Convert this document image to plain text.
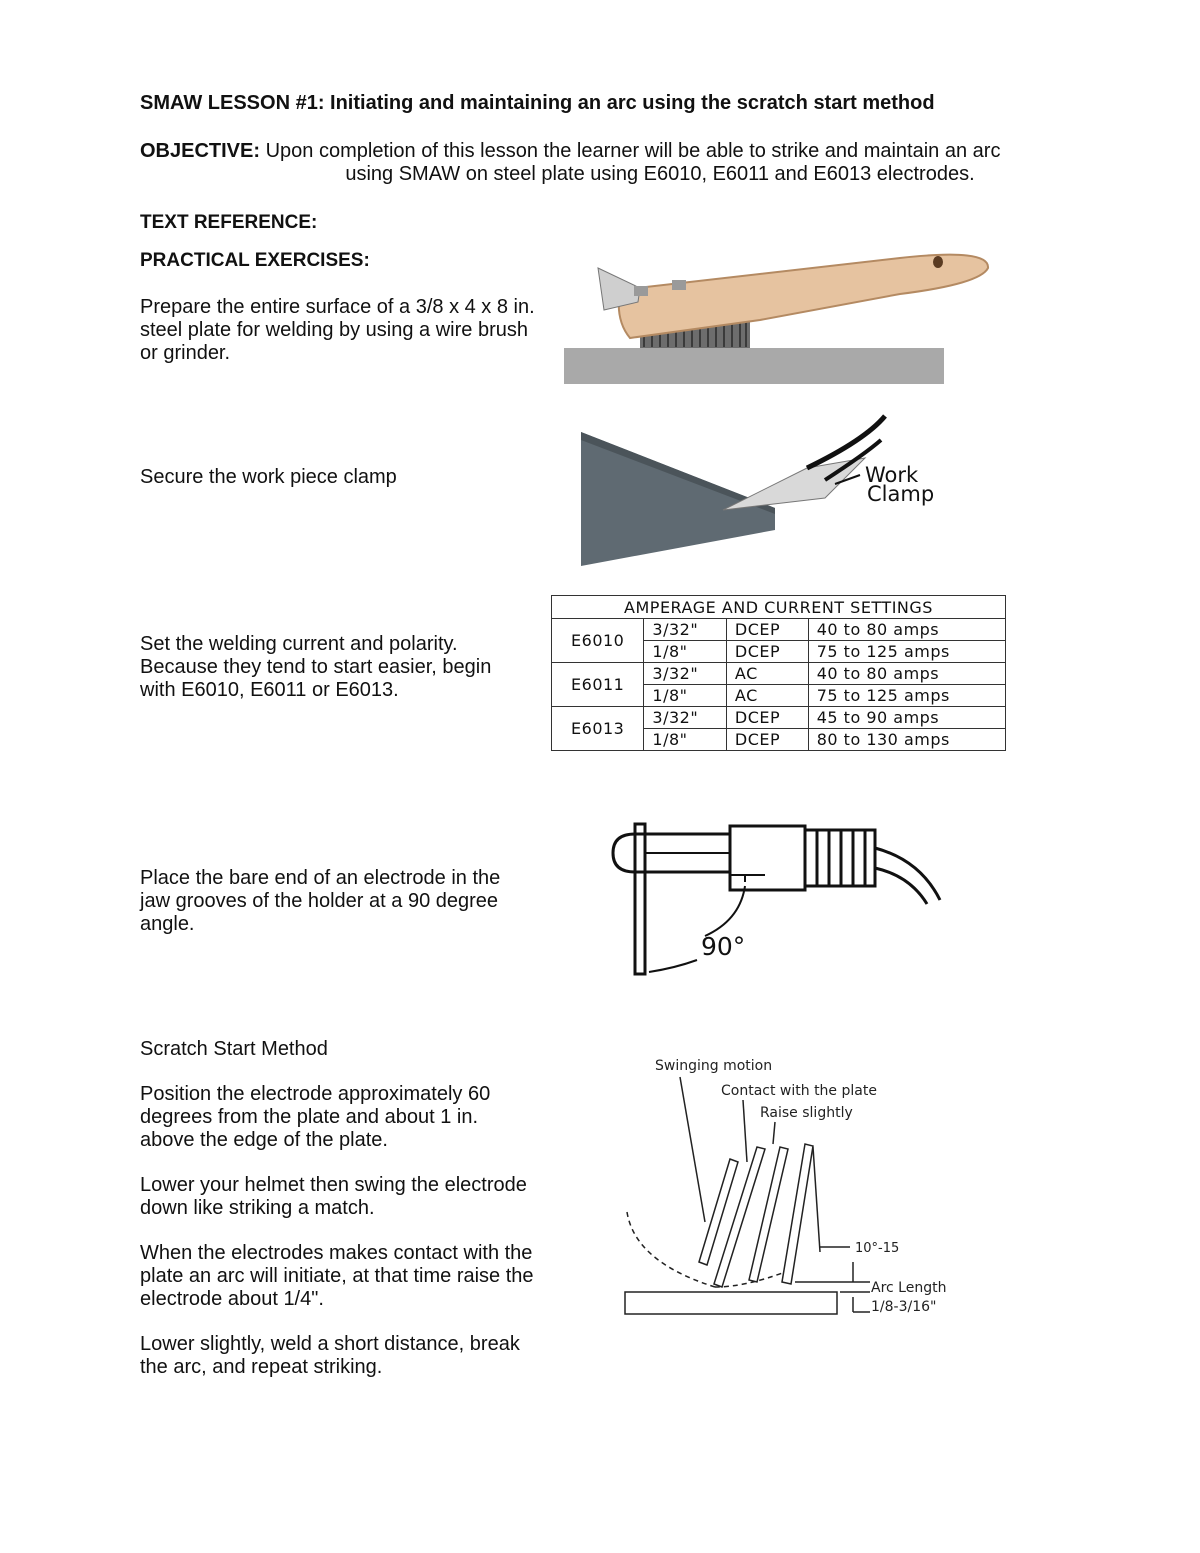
SMAW LESSON #1: Initiating and maintaining an arc using the scratch start method
OBJECTIVE: Upon completion of this lesson the learner will be able to strike and maintain an arc
using SMAW on steel plate using E6010, E6011 and E6013 electrodes.
TEXT REFERENCE:
PRACTICAL EXERCISES:
Prepare the entire surface of a 3/8 x 4 x 8 in. steel plate for welding by using a wire brush or grinder.
Secure the work piece clamp
Set the welding current and polarity. Because they tend to start easier, begin with E6010, E6011 or E6013.
Place the bare end of an electrode in the jaw grooves of the holder at a 90 degree angle.
Scratch Start Method
Position the electrode approximately 60 degrees from the plate and about 1 in. above the edge of the plate.
Lower your helmet then swing the electrode down like striking a match.
When the electrodes makes contact with the plate an arc will initiate, at that time raise the electrode about 1/4".
Lower slightly, weld a short distance, break the arc, and repeat striking.
Work
Clamp
AMPERAGE AND CURRENT SETTINGS			
E6010	3/32"	DCEP	40 to 80 amps
	1/8"	DCEP	75 to 125 amps
E6011	3/32"	AC	40 to 80 amps
	1/8"	AC	75 to 125 amps
E6013	3/32"	DCEP	45 to 90 amps
	1/8"	DCEP	80 to 130 amps
90°
Swinging motion
Contact with the plate
Raise slightly
10°-15
Arc Length
1/8-3/16"
